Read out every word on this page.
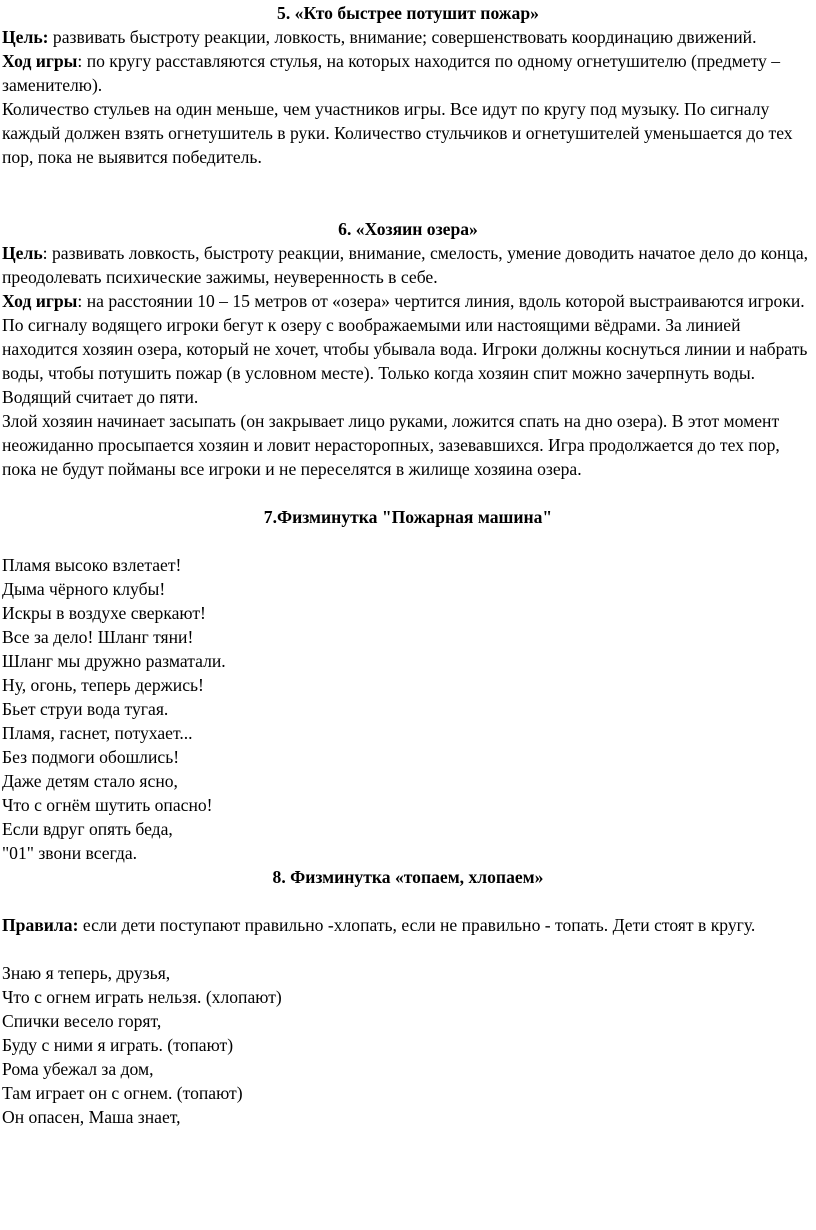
5. «Кто быстрее потушит пожар»

Цель: развивать быстроту реакции, ловкость, внимание; совершенствовать координацию движений.

Ход игры: по кругу расставляются стулья, на которых находится по одному огнетушителю (предмету – заменителю).

Количество стульев на один меньше, чем участников игры. Все идут по кругу под музыку. По сигналу каждый должен взять огнетушитель в руки. Количество стульчиков и огнетушителей уменьшается до тех пор, пока не выявится победитель.

6. «Хозяин озера»

Цель: развивать ловкость, быстроту реакции, внимание, смелость, умение доводить начатое дело до конца, преодолевать психические зажимы, неуверенность в себе.

Ход игры: на расстоянии 10 – 15 метров от «озера» чертится линия, вдоль которой выстраиваются игроки. По сигналу водящего игроки бегут к озеру с воображаемыми или настоящими вёдрами. За линией находится хозяин озера, который не хочет, чтобы убывала вода. Игроки должны коснуться линии и набрать воды, чтобы потушить пожар (в условном месте). Только когда хозяин спит можно зачерпнуть воды.

Водящий считает до пяти.

Злой хозяин начинает засыпать (он закрывает лицо руками, ложится спать на дно озера). В этот момент неожиданно просыпается хозяин и ловит нерасторопных, зазевавшихся. Игра продолжается до тех пор, пока не будут пойманы все игроки и не переселятся в жилище хозяина озера.

7.Физминутка "Пожарная машина"

Пламя высоко взлетает!

Дыма чёрного клубы!

Искры в воздухе сверкают!

Все за дело! Шланг тяни!

Шланг мы дружно разматали.

Ну, огонь, теперь держись!

Бьет струи вода тугая.

Пламя, гаснет, потухает...

Без подмоги обошлись!

Даже детям стало ясно,

Что с огнём шутить опасно!

Если вдруг опять беда,

"01" звони всегда.

8. Физминутка «топаем, хлопаем»

Правила: если дети поступают правильно -хлопать, если не правильно - топать. Дети стоят в кругу.

Знаю я теперь, друзья,

Что с огнем играть нельзя. (хлопают)

Спички весело горят,

Буду с ними я играть. (топают)

Рома убежал за дом,

Там играет он с огнем. (топают)

Он опасен, Маша знает,
